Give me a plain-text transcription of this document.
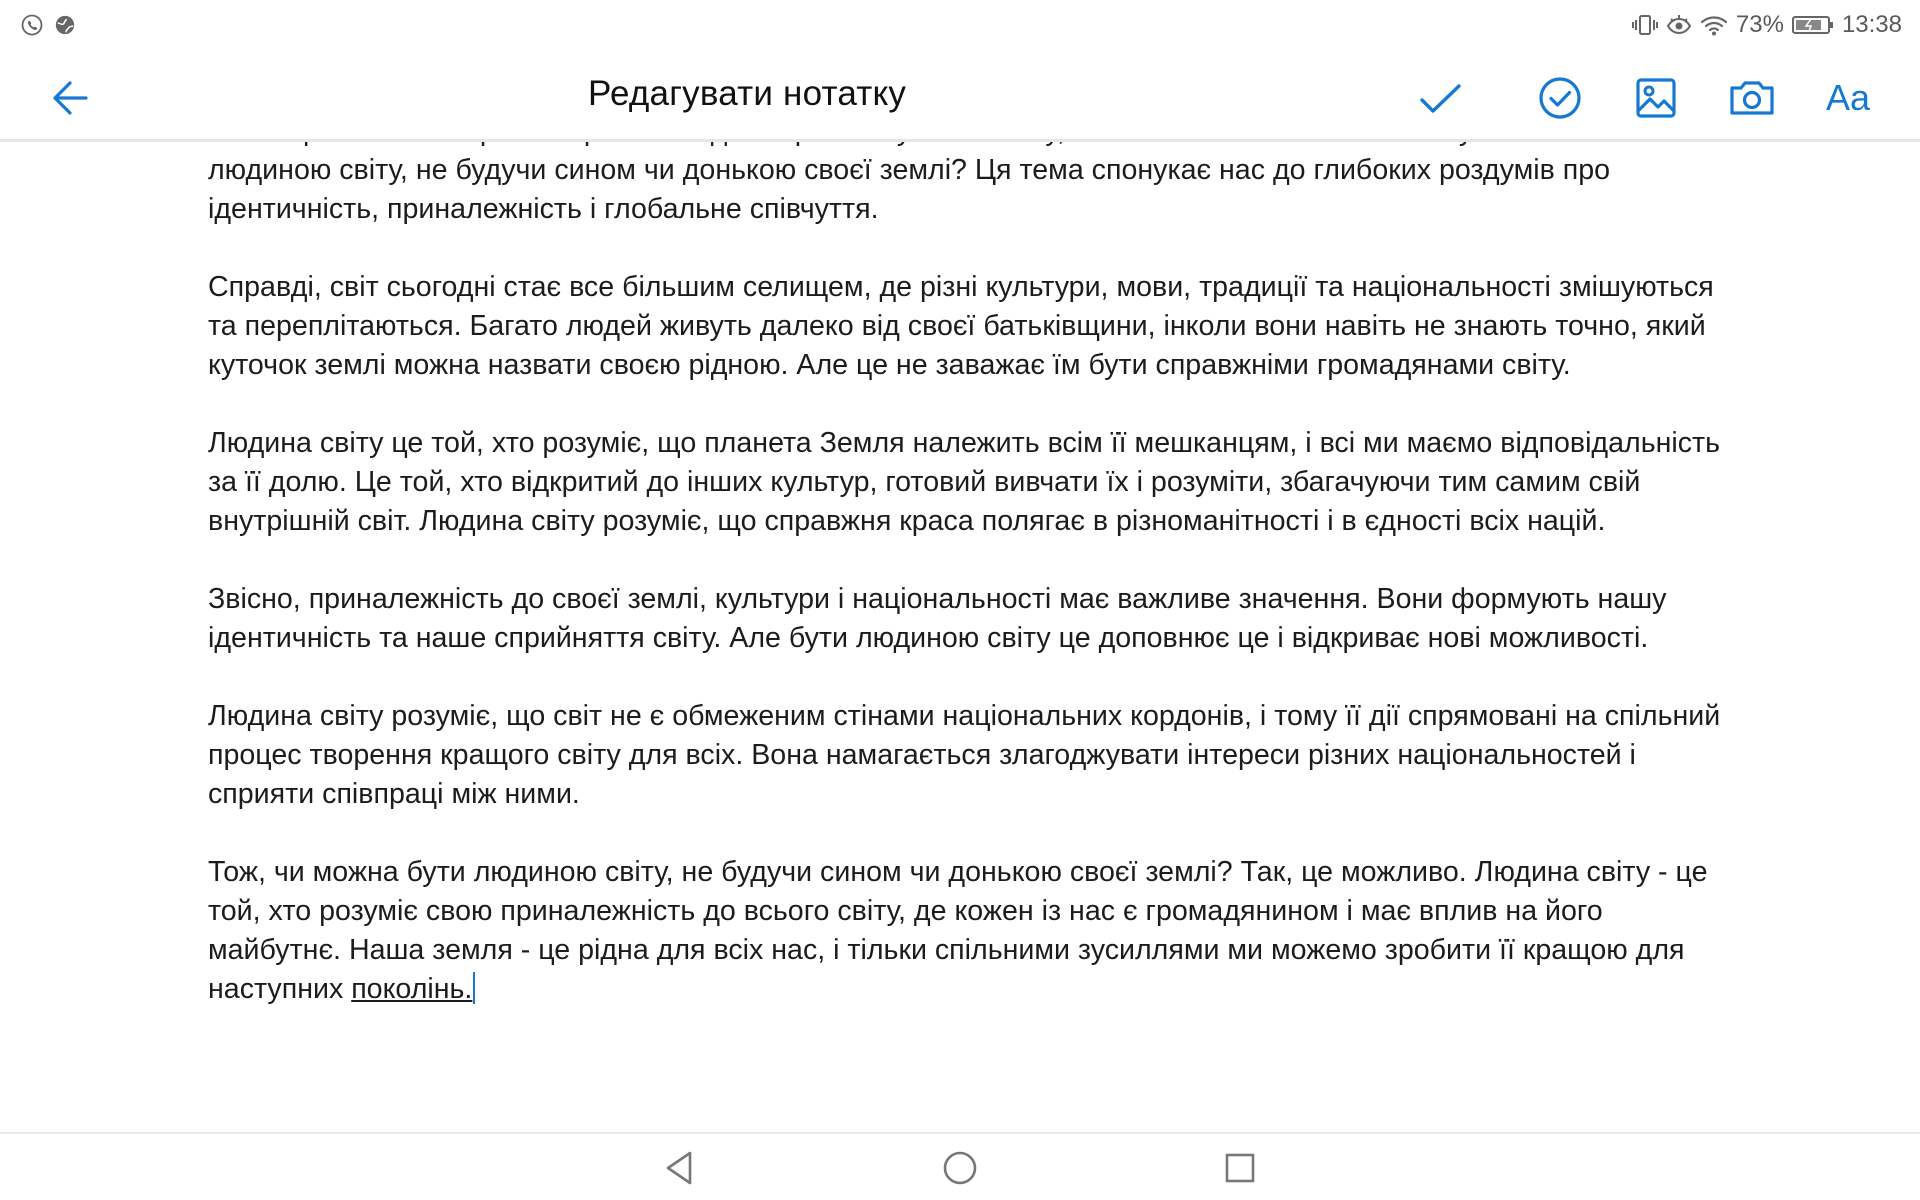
73% 13:38
Редагувати нотатку	Aa

людиною світу, не будучи сином чи донькою своєї землі? Ця тема спонукає нас до глибоких роздумів про ідентичність, приналежність і глобальне співчуття.

Справді, світ сьогодні стає все більшим селищем, де різні культури, мови, традиції та національності змішуються та переплітаються. Багато людей живуть далеко від своєї батьківщини, інколи вони навіть не знають точно, який куточок землі можна назвати своєю рідною. Але це не заважає їм бути справжніми громадянами світу.

Людина світу це той, хто розуміє, що планета Земля належить всім її мешканцям, і всі ми маємо відповідальність за її долю. Це той, хто відкритий до інших культур, готовий вивчати їх і розуміти, збагачуючи тим самим свій внутрішній світ. Людина світу розуміє, що справжня краса полягає в різноманітності і в єдності всіх націй.

Звісно, приналежність до своєї землі, культури і національності має важливе значення. Вони формують нашу ідентичність та наше сприйняття світу. Але бути людиною світу це доповнює це і відкриває нові можливості.

Людина світу розуміє, що світ не є обмеженим стінами національних кордонів, і тому її дії спрямовані на спільний процес творення кращого світу для всіх. Вона намагається злагоджувати інтереси різних національностей і сприяти співпраці між ними.

Тож, чи можна бути людиною світу, не будучи сином чи донькою своєї землі? Так, це можливо. Людина світу - це той, хто розуміє свою приналежність до всього світу, де кожен із нас є громадянином і має вплив на його майбутнє. Наша земля - це рідна для всіх нас, і тільки спільними зусиллями ми можемо зробити її кращою для наступних поколінь.
